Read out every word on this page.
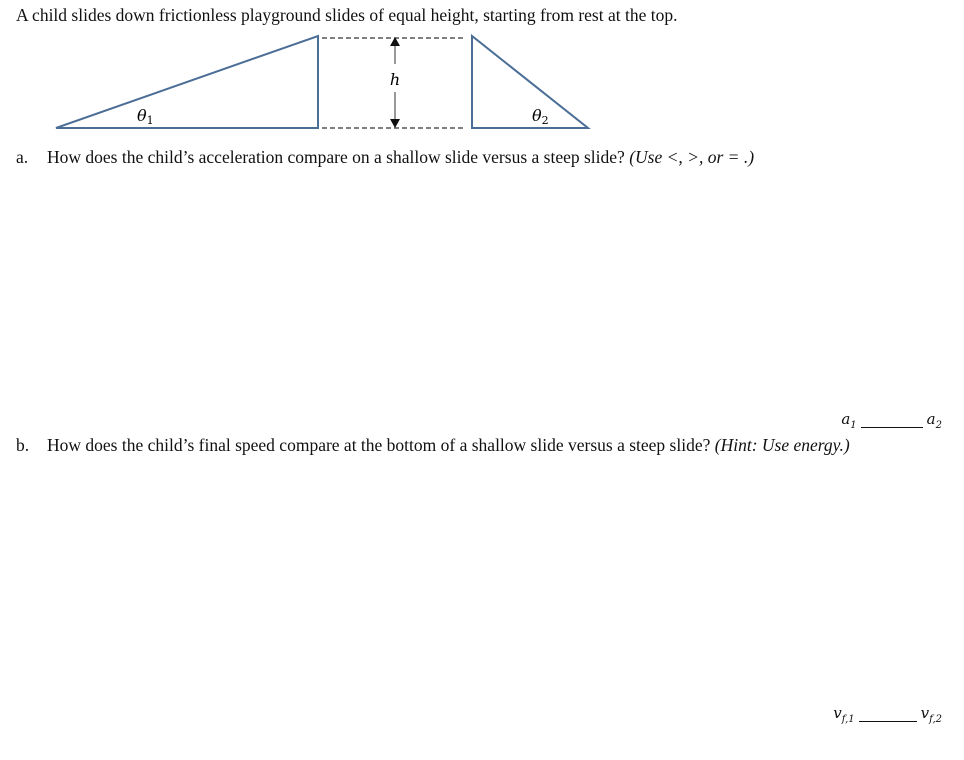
A child slides down frictionless playground slides of equal height, starting from rest at the top.
h
θ1	θ2
a. How does the child’s acceleration compare on a shallow slide versus a steep slide? (Use <, >, or = .)
$a_1$	$a_2$
b. How does the child’s final speed compare at the bottom of a shallow slide versus a steep slide? (Hint: Use energy.)
$v_{f,1}$	$v_{f,2}$
